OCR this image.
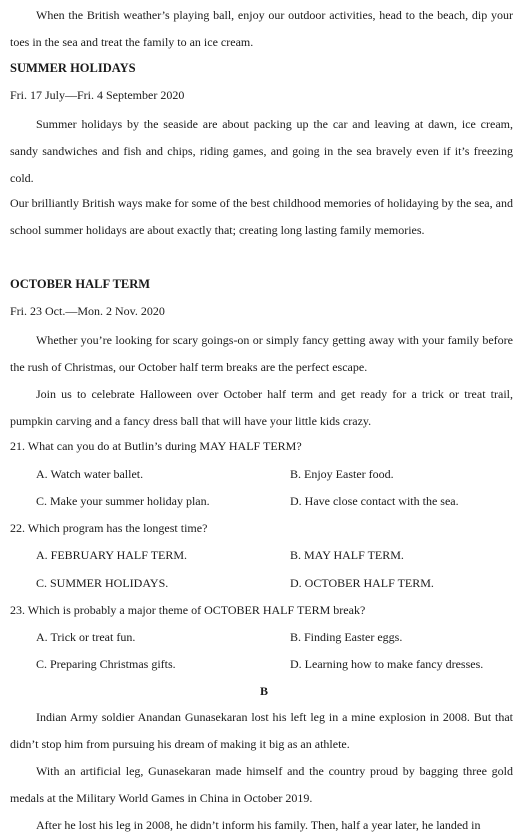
When the British weather’s playing ball, enjoy our outdoor activities, head to the beach, dip your toes in the sea and treat the family to an ice cream.

SUMMER HOLIDAYS

Fri. 17 July—Fri. 4 September 2020

Summer holidays by the seaside are about packing up the car and leaving at dawn, ice cream, sandy sandwiches and fish and chips, riding games, and going in the sea bravely even if it’s freezing cold.

Our brilliantly British ways make for some of the best childhood memories of holidaying by the sea, and school summer holidays are about exactly that; creating long lasting family memories.

OCTOBER HALF TERM

Fri. 23 Oct.—Mon. 2 Nov. 2020

Whether you’re looking for scary goings-on or simply fancy getting away with your family before the rush of Christmas, our October half term breaks are the perfect escape.

Join us to celebrate Halloween over October half term and get ready for a trick or treat trail, pumpkin carving and a fancy dress ball that will have your little kids crazy.

21. What can you do at Butlin’s during MAY HALF TERM?
A. Watch water ballet.	B. Enjoy Easter food.
C. Make your summer holiday plan.	D. Have close contact with the sea.
22. Which program has the longest time?
A. FEBRUARY HALF TERM.	B. MAY HALF TERM.
C. SUMMER HOLIDAYS.	D. OCTOBER HALF TERM.
23. Which is probably a major theme of OCTOBER HALF TERM break?
A. Trick or treat fun.	B. Finding Easter eggs.
C. Preparing Christmas gifts.	D. Learning how to make fancy dresses.

B

Indian Army soldier Anandan Gunasekaran lost his left leg in a mine explosion in 2008. But that didn’t stop him from pursuing his dream of making it big as an athlete.

With an artificial leg, Gunasekaran made himself and the country proud by bagging three gold medals at the Military World Games in China in October 2019.

After he lost his leg in 2008, he didn’t inform his family. Then, half a year later, he landed in
